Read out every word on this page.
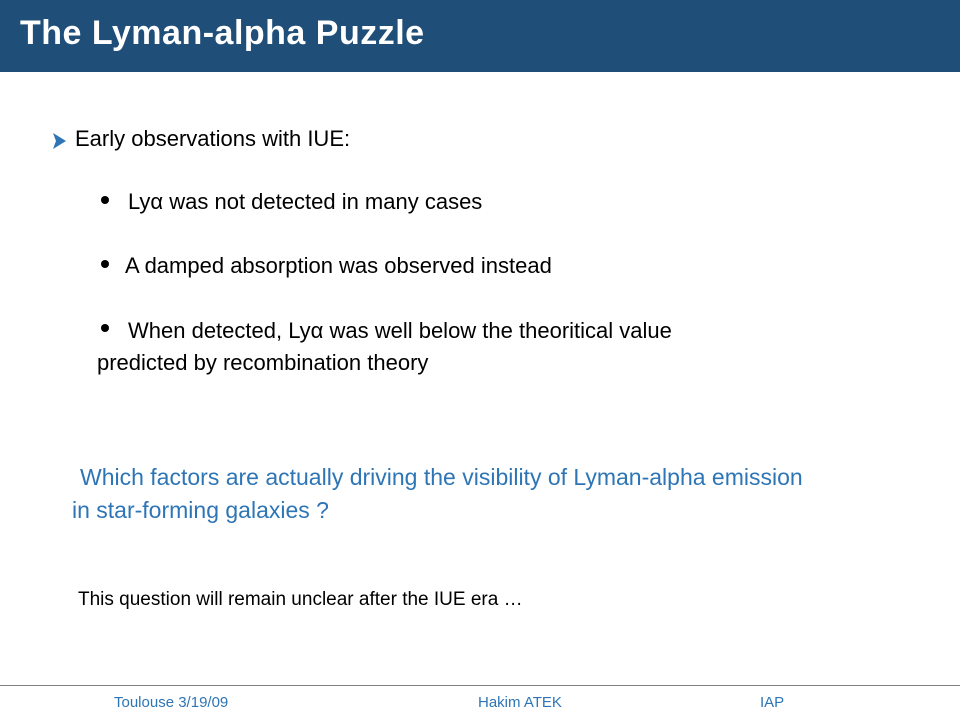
The Lyman-alpha Puzzle
Early observations with IUE:
Lyα was not detected in many cases
A damped absorption was observed instead
When detected, Lyα was well below the theoritical value
predicted by recombination theory
Which factors are actually driving the visibility of Lyman-alpha emission
in star-forming galaxies ?
This question will remain unclear after the IUE era …
Toulouse 3/19/09	Hakim ATEK	IAP
